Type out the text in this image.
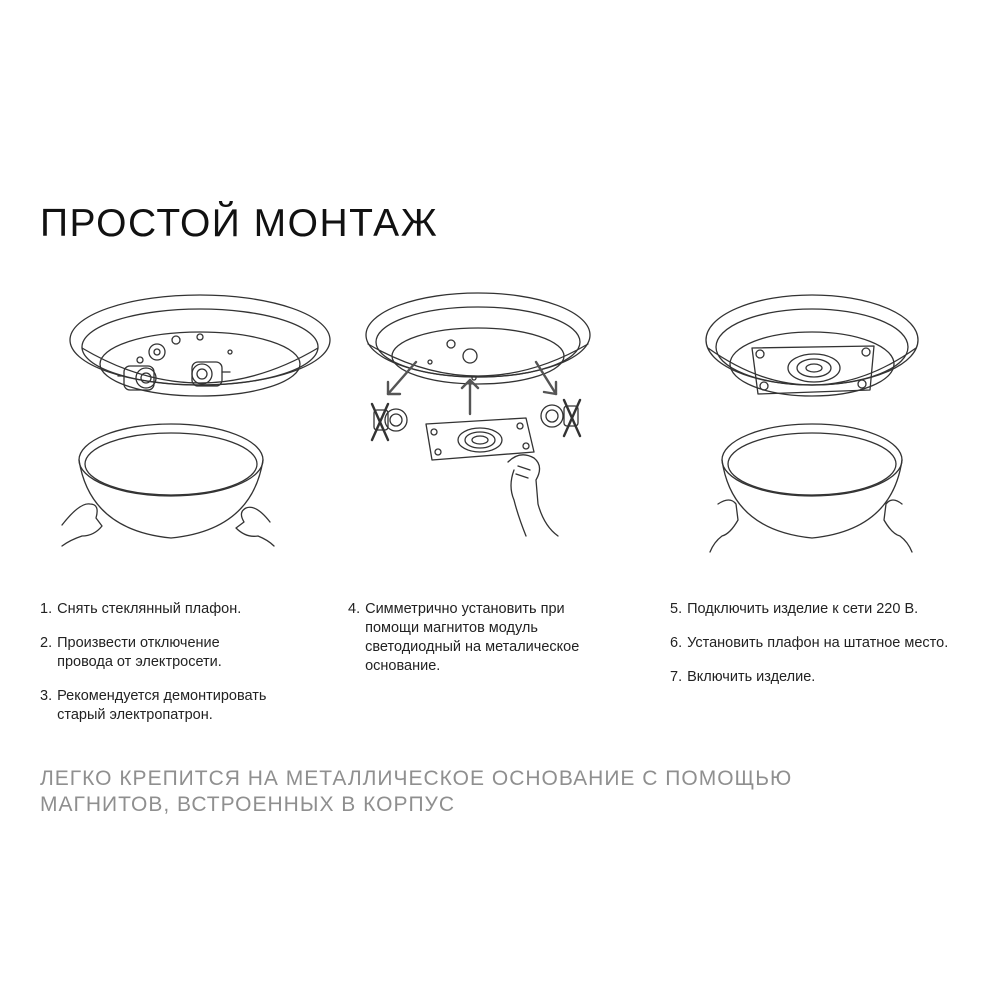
ПРОСТОЙ МОНТАЖ
1. Снять стеклянный плафон.
2. Произвести отключение провода от электросети.
3. Рекомендуется демонтировать старый электропатрон.
4. Симметрично установить при помощи магнитов модуль светодиодный на металическое основание.
5. Подключить изделие к сети 220 В.
6. Установить плафон на штатное место.
7. Включить изделие.

ЛЕГКО КРЕПИТСЯ НА МЕТАЛЛИЧЕСКОЕ ОСНОВАНИЕ С ПОМОЩЬЮ МАГНИТОВ, ВСТРОЕННЫХ В КОРПУС
